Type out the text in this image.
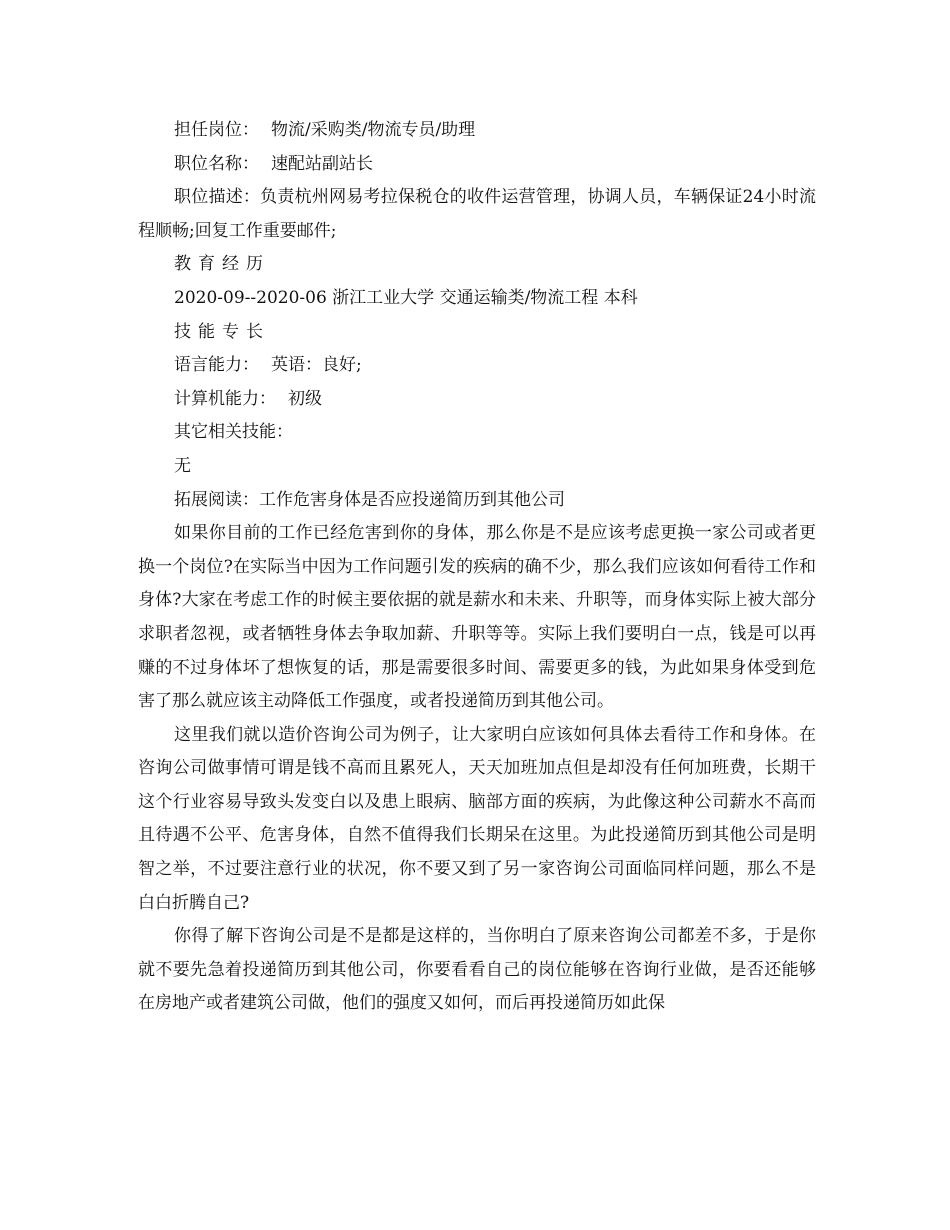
担任岗位： 物流/采购类/物流专员/助理

职位名称： 速配站副站长

职位描述：负责杭州网易考拉保税仓的收件运营管理，协调人员，车辆保证24小时流程顺畅;回复工作重要邮件;

教育经历

2020-09--2020-06 浙江工业大学 交通运输类/物流工程 本科

技能专长

语言能力： 英语：良好;

计算机能力： 初级

其它相关技能：

无

拓展阅读：工作危害身体是否应投递简历到其他公司

如果你目前的工作已经危害到你的身体，那么你是不是应该考虑更换一家公司或者更换一个岗位?在实际当中因为工作问题引发的疾病的确不少，那么我们应该如何看待工作和身体?大家在考虑工作的时候主要依据的就是薪水和未来、升职等，而身体实际上被大部分求职者忽视，或者牺牲身体去争取加薪、升职等等。实际上我们要明白一点，钱是可以再赚的不过身体坏了想恢复的话，那是需要很多时间、需要更多的钱，为此如果身体受到危害了那么就应该主动降低工作强度，或者投递简历到其他公司。

这里我们就以造价咨询公司为例子，让大家明白应该如何具体去看待工作和身体。在咨询公司做事情可谓是钱不高而且累死人，天天加班加点但是却没有任何加班费，长期干这个行业容易导致头发变白以及患上眼病、脑部方面的疾病，为此像这种公司薪水不高而且待遇不公平、危害身体，自然不值得我们长期呆在这里。为此投递简历到其他公司是明智之举，不过要注意行业的状况，你不要又到了另一家咨询公司面临同样问题，那么不是白白折腾自己?

你得了解下咨询公司是不是都是这样的，当你明白了原来咨询公司都差不多，于是你就不要先急着投递简历到其他公司，你要看看自己的岗位能够在咨询行业做，是否还能够在房地产或者建筑公司做，他们的强度又如何，而后再投递简历如此保
